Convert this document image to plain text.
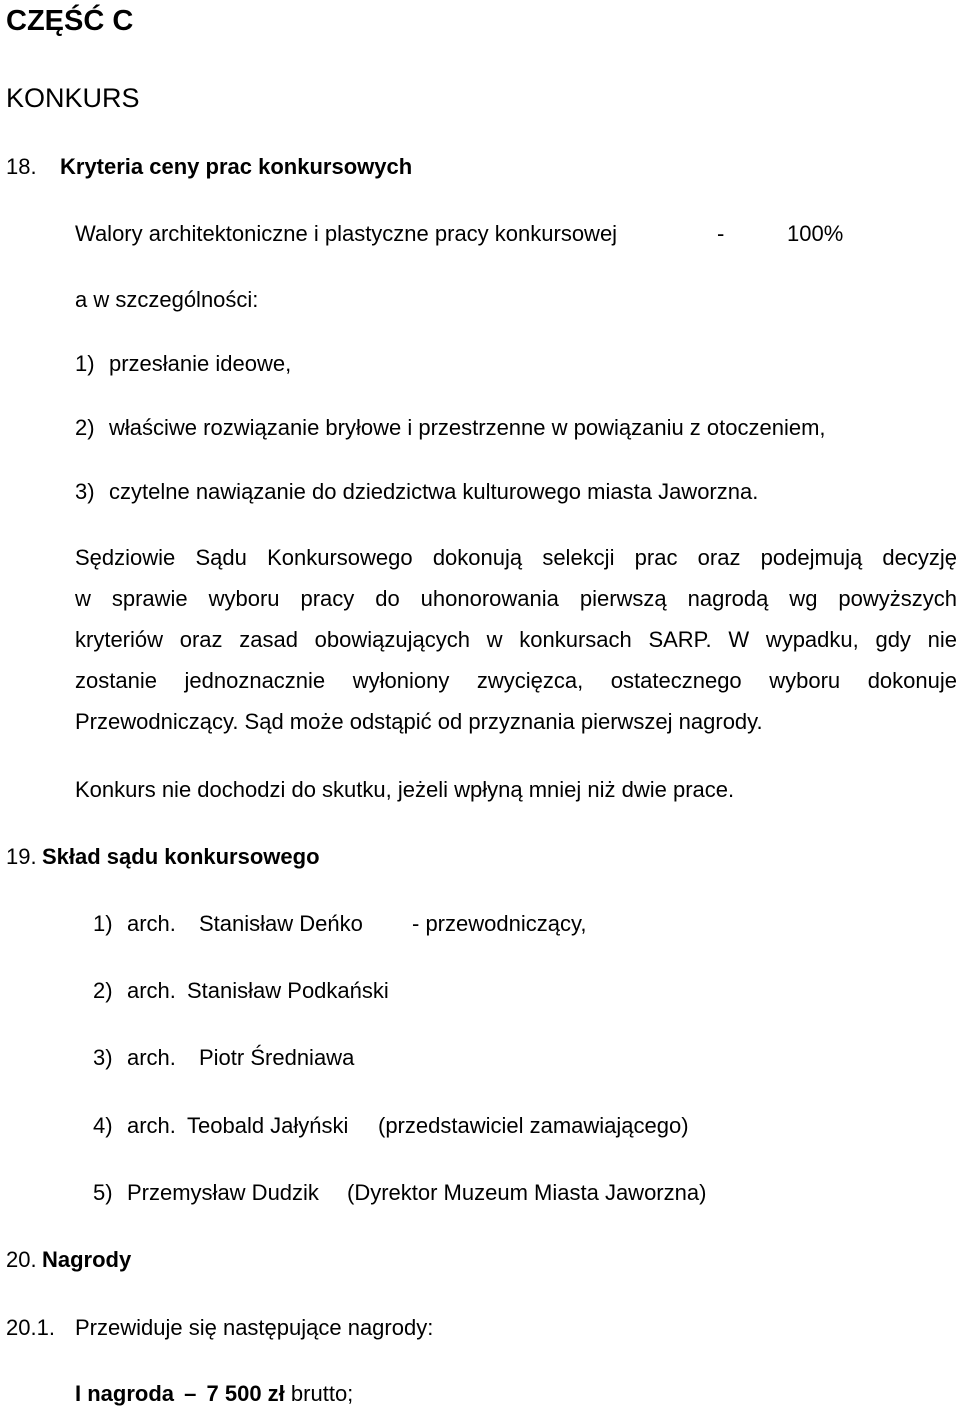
CZĘŚĆ C
KONKURS
18. Kryteria ceny prac konkursowych
Walory architektoniczne i plastyczne pracy konkursowej	-	100%
a w szczególności:
1) przesłanie ideowe,
2) właściwe rozwiązanie bryłowe i przestrzenne w powiązaniu z otoczeniem,
3) czytelne nawiązanie do dziedzictwa kulturowego miasta Jaworzna.
Sędziowie Sądu Konkursowego dokonują selekcji prac oraz podejmują decyzję
w sprawie wyboru pracy do uhonorowania pierwszą nagrodą wg powyższych
kryteriów oraz zasad obowiązujących w konkursach SARP. W wypadku, gdy nie
zostanie jednoznacznie wyłoniony zwycięzca, ostatecznego wyboru dokonuje
Przewodniczący. Sąd może odstąpić od przyznania pierwszej nagrody.
Konkurs nie dochodzi do skutku, jeżeli wpłyną mniej niż dwie prace.
19. Skład sądu konkursowego
1) arch. Stanisław Deńko - przewodniczący,
2) arch. Stanisław Podkański
3) arch. Piotr Średniawa
4) arch. Teobald Jałyński (przedstawiciel zamawiającego)
5) Przemysław Dudzik (Dyrektor Muzeum Miasta Jaworzna)
20. Nagrody
20.1. Przewiduje się następujące nagrody:
I nagroda – 7 500 zł brutto;
